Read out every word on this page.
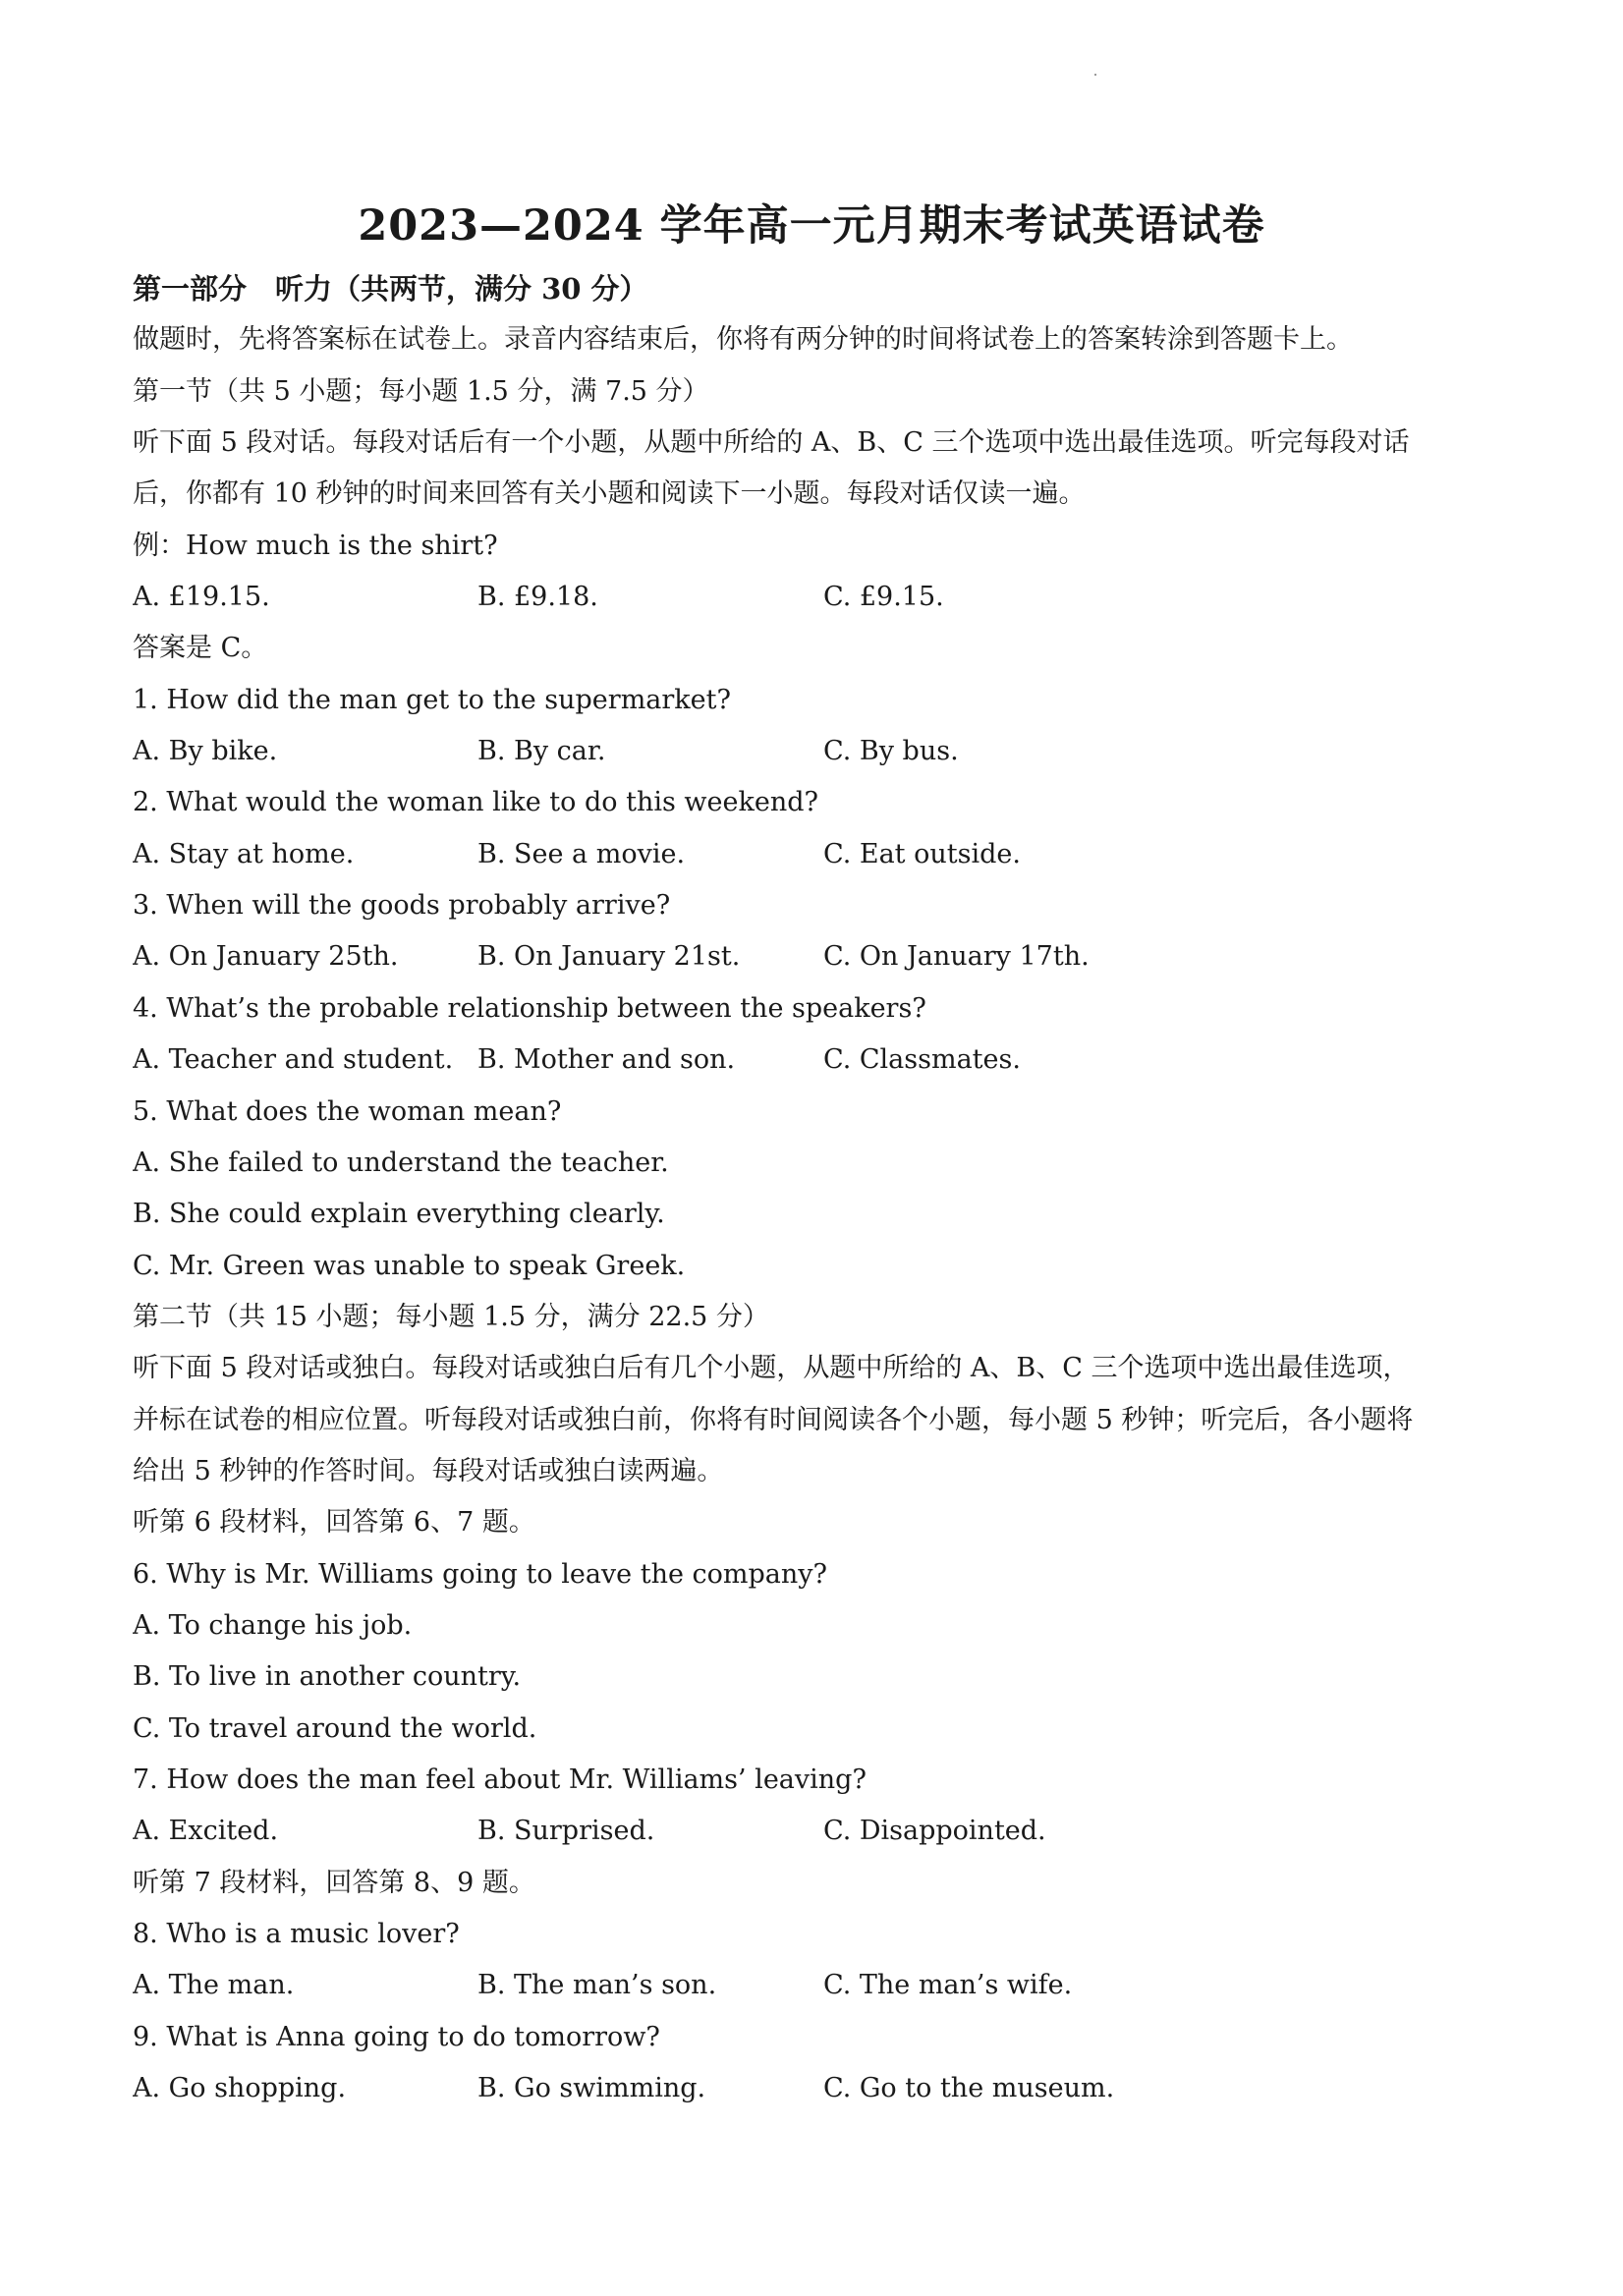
2023—2024 学年高一元月期末考试英语试卷
第一部分　听力（共两节，满分 30 分）
做题时，先将答案标在试卷上。录音内容结束后，你将有两分钟的时间将试卷上的答案转涂到答题卡上。
第一节（共 5 小题；每小题 1.5 分，满 7.5 分）
听下面 5 段对话。每段对话后有一个小题，从题中所给的 A、B、C 三个选项中选出最佳选项。听完每段对话
后，你都有 10 秒钟的时间来回答有关小题和阅读下一小题。每段对话仅读一遍。
例：How much is the shirt?
A. £19.15.	B. £9.18.	C. £9.15.
答案是 C。
1. How did the man get to the supermarket?
A. By bike.	B. By car.	C. By bus.
2. What would the woman like to do this weekend?
A. Stay at home.	B. See a movie.	C. Eat outside.
3. When will the goods probably arrive?
A. On January 25th.	B. On January 21st.	C. On January 17th.
4. What’s the probable relationship between the speakers?
A. Teacher and student. B. Mother and son.	C. Classmates.
5. What does the woman mean?
A. She failed to understand the teacher.
B. She could explain everything clearly.
C. Mr. Green was unable to speak Greek.
第二节（共 15 小题；每小题 1.5 分，满分 22.5 分）
听下面 5 段对话或独白。每段对话或独白后有几个小题，从题中所给的 A、B、C 三个选项中选出最佳选项，
并标在试卷的相应位置。听每段对话或独白前，你将有时间阅读各个小题，每小题 5 秒钟；听完后，各小题将
给出 5 秒钟的作答时间。每段对话或独白读两遍。
听第 6 段材料，回答第 6、7 题。
6. Why is Mr. Williams going to leave the company?
A. To change his job.
B. To live in another country.
C. To travel around the world.
7. How does the man feel about Mr. Williams’ leaving?
A. Excited.	B. Surprised.	C. Disappointed.
听第 7 段材料，回答第 8、9 题。
8. Who is a music lover?
A. The man.	B. The man’s son.	C. The man’s wife.
9. What is Anna going to do tomorrow?
A. Go shopping.	B. Go swimming.	C. Go to the museum.
